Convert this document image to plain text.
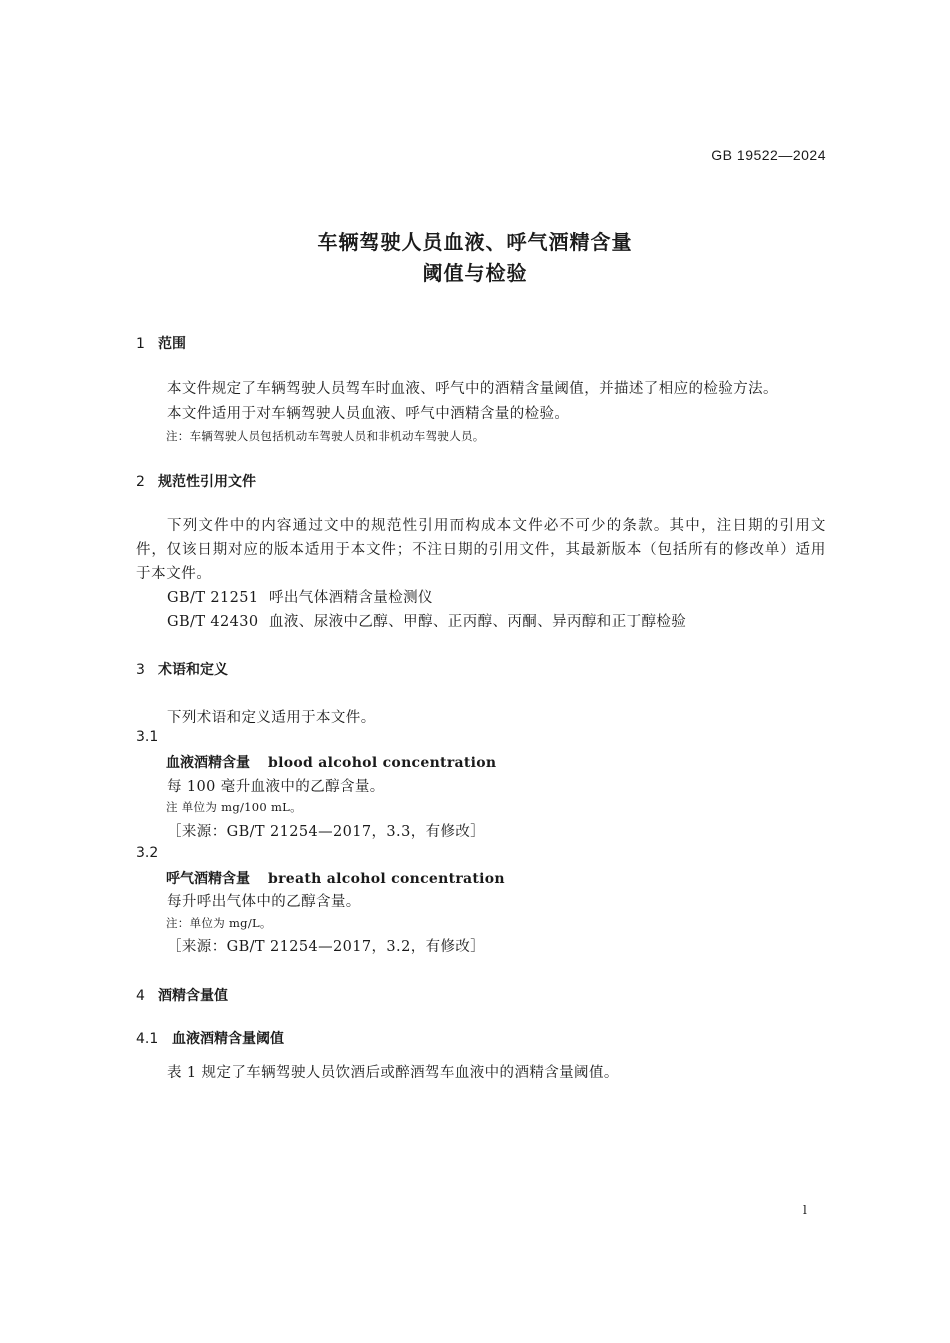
GB 19522—2024
车辆驾驶人员血液、呼气酒精含量
阈值与检验
1 范围
本文件规定了车辆驾驶人员驾车时血液、呼气中的酒精含量阈值，并描述了相应的检验方法。
本文件适用于对车辆驾驶人员血液、呼气中酒精含量的检验。
注：车辆驾驶人员包括机动车驾驶人员和非机动车驾驶人员。
2 规范性引用文件
下列文件中的内容通过文中的规范性引用而构成本文件必不可少的条款。其中，注日期的引用文件，仅该日期对应的版本适用于本文件；不注日期的引用文件，其最新版本（包括所有的修改单）适用于本文件。
GB/T 21251 呼出气体酒精含量检测仪
GB/T 42430 血液、尿液中乙醇、甲醇、正丙醇、丙酮、异丙醇和正丁醇检验
3 术语和定义
下列术语和定义适用于本文件。
3.1
血液酒精含量 blood alcohol concentration
每 100 毫升血液中的乙醇含量。
注 单位为 mg/100 mL。
［来源：GB/T 21254—2017，3.3，有修改］
3.2
呼气酒精含量 breath alcohol concentration
每升呼出气体中的乙醇含量。
注：单位为 mg/L。
［来源：GB/T 21254—2017，3.2，有修改］
4 酒精含量值
4.1 血液酒精含量阈值
表 1 规定了车辆驾驶人员饮酒后或醉酒驾车血液中的酒精含量阈值。
l
